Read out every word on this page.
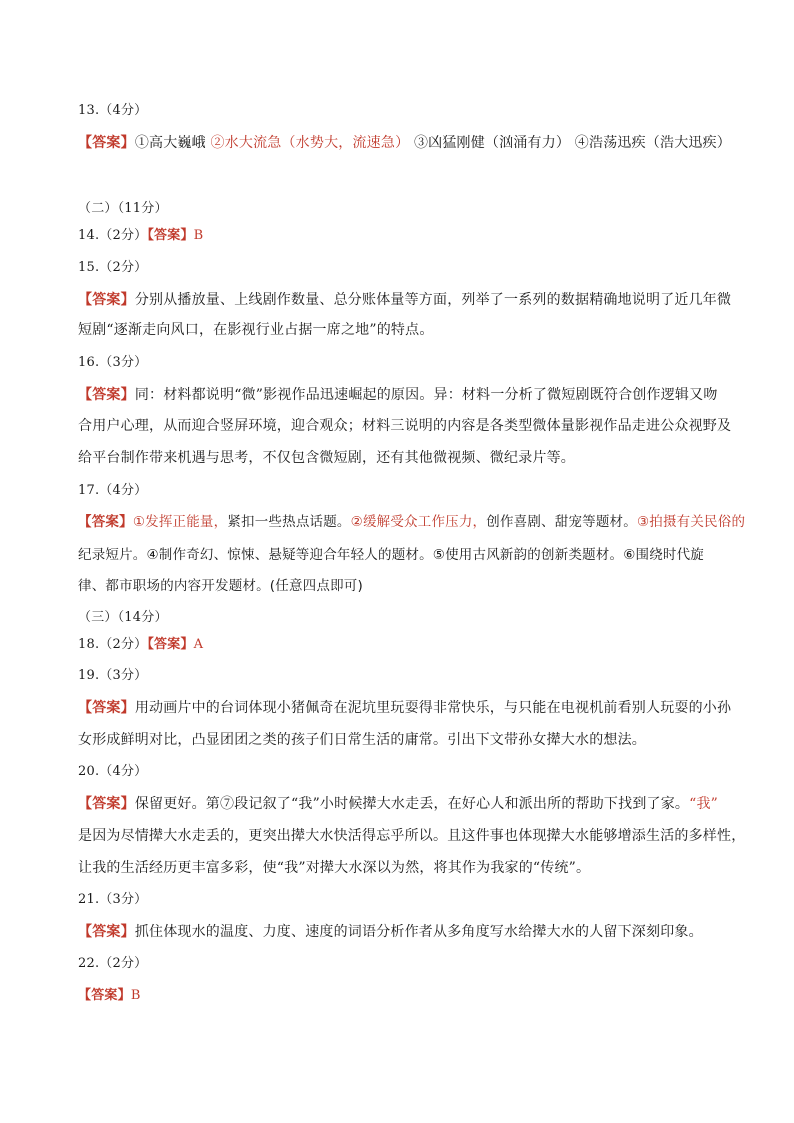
13.（4分）
【答案】①高大巍峨 ②水大流急（水势大，流速急） ③凶猛刚健（汹涌有力） ④浩荡迅疾（浩大迅疾）
（二）（11分）
14.（2分）【答案】B
15.（2分）
【答案】分别从播放量、上线剧作数量、总分账体量等方面，列举了一系列的数据精确地说明了近几年微
短剧“逐渐走向风口，在影视行业占据一席之地”的特点。
16.（3分）
【答案】同：材料都说明“微”影视作品迅速崛起的原因。异：材料一分析了微短剧既符合创作逻辑又吻
合用户心理，从而迎合竖屏环境，迎合观众；材料三说明的内容是各类型微体量影视作品走进公众视野及
给平台制作带来机遇与思考，不仅包含微短剧，还有其他微视频、微纪录片等。
17.（4分）
【答案】①发挥正能量，紧扣一些热点话题。②缓解受众工作压力，创作喜剧、甜宠等题材。③拍摄有关民俗的
纪录短片。④制作奇幻、惊悚、悬疑等迎合年轻人的题材。⑤使用古风新韵的创新类题材。⑥围绕时代旋
律、都市职场的内容开发题材。(任意四点即可)
（三）（14分）
18.（2分）【答案】A
19.（3分）
【答案】用动画片中的台词体现小猪佩奇在泥坑里玩耍得非常快乐，与只能在电视机前看别人玩耍的小孙
女形成鲜明对比，凸显团团之类的孩子们日常生活的庸常。引出下文带孙女撵大水的想法。
20.（4分）
【答案】保留更好。第⑦段记叙了“我”小时候撵大水走丢，在好心人和派出所的帮助下找到了家。“我”
是因为尽情撵大水走丢的，更突出撵大水快活得忘乎所以。且这件事也体现撵大水能够增添生活的多样性，
让我的生活经历更丰富多彩，使“我”对撵大水深以为然，将其作为我家的“传统”。
21.（3分）
【答案】抓住体现水的温度、力度、速度的词语分析作者从多角度写水给撵大水的人留下深刻印象。
22.（2分）
【答案】B
